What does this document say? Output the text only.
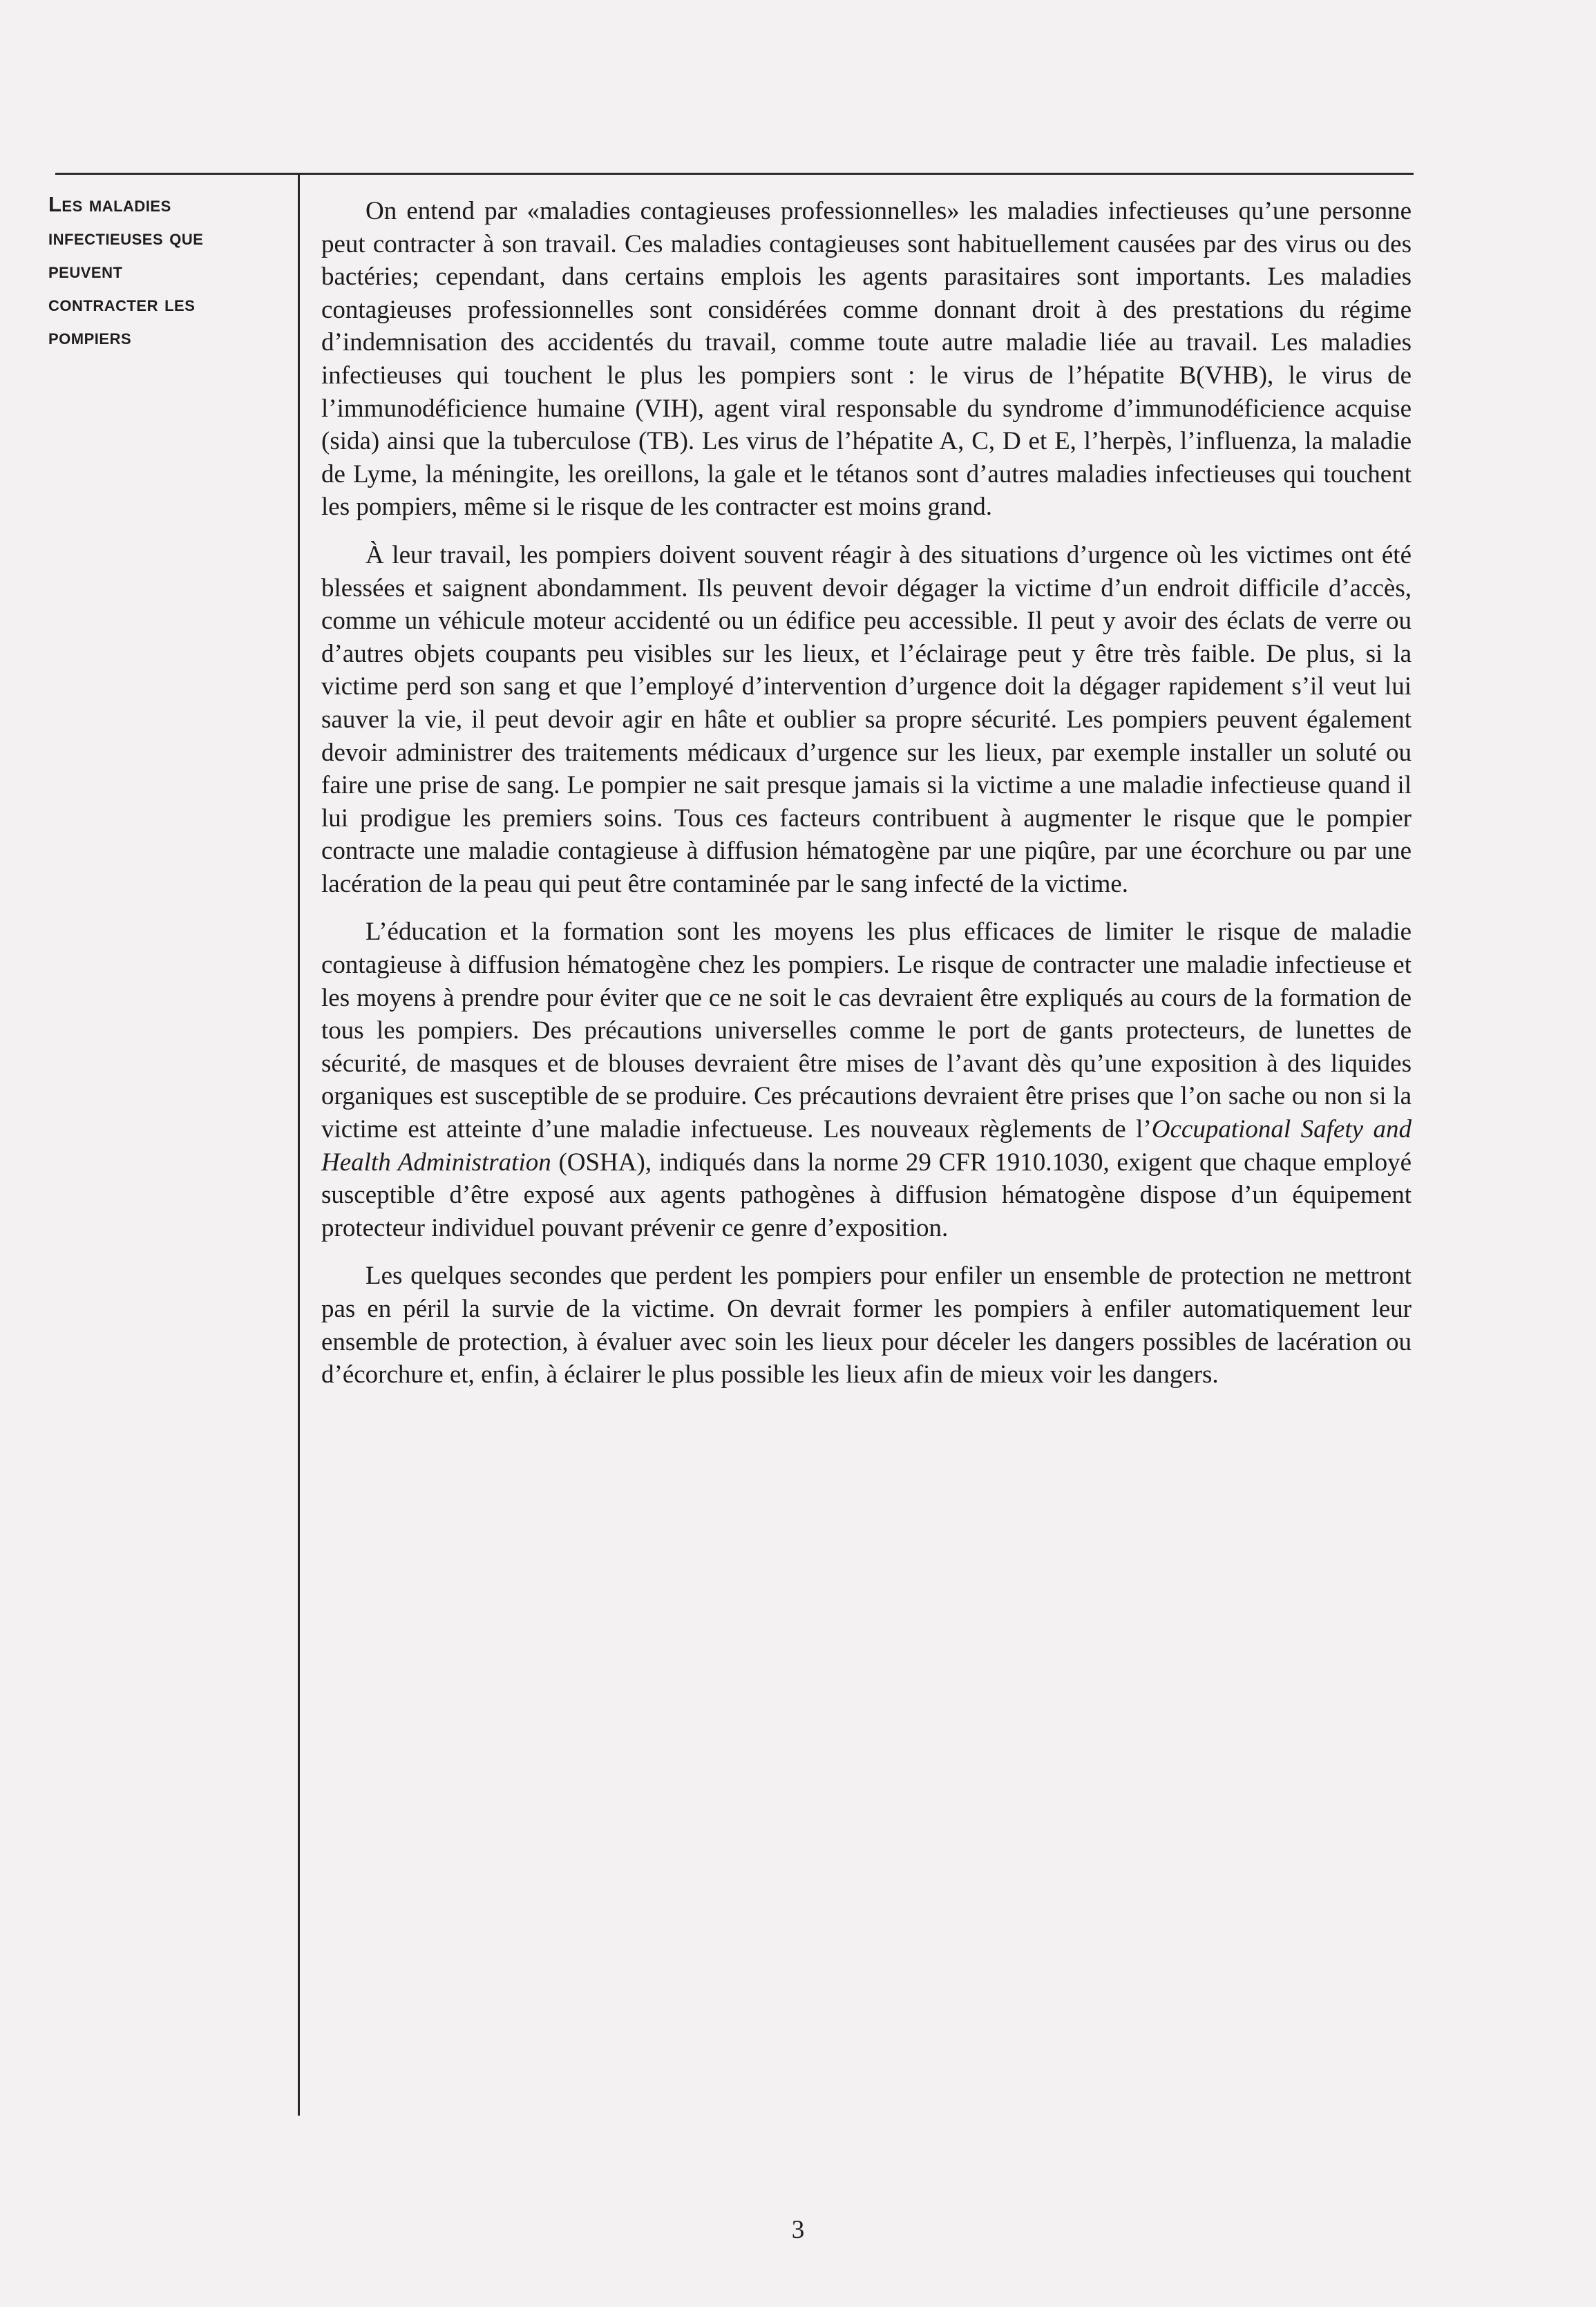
Les maladies
infectieuses que
peuvent
contracter les
pompiers

On entend par «maladies contagieuses professionnelles» les maladies infectieuses qu’une personne peut contracter à son travail. Ces maladies contagieuses sont habituellement causées par des virus ou des bactéries; cependant, dans certains emplois les agents parasitaires sont importants. Les maladies contagieuses professionnelles sont considérées comme donnant droit à des prestations du régime d’indemnisation des accidentés du travail, comme toute autre maladie liée au travail. Les maladies infectieuses qui touchent le plus les pompiers sont : le virus de l’hépatite B(VHB), le virus de l’immunodéficience humaine (VIH), agent viral responsable du syndrome d’immunodéficience acquise (sida) ainsi que la tuberculose (TB). Les virus de l’hépatite A, C, D et E, l’herpès, l’influenza, la maladie de Lyme, la méningite, les oreillons, la gale et le tétanos sont d’autres maladies infectieuses qui touchent les pompiers, même si le risque de les contracter est moins grand.

À leur travail, les pompiers doivent souvent réagir à des situations d’urgence où les victimes ont été blessées et saignent abondamment. Ils peuvent devoir dégager la victime d’un endroit difficile d’accès, comme un véhicule moteur accidenté ou un édifice peu accessible. Il peut y avoir des éclats de verre ou d’autres objets coupants peu visibles sur les lieux, et l’éclairage peut y être très faible. De plus, si la victime perd son sang et que l’employé d’intervention d’urgence doit la dégager rapidement s’il veut lui sauver la vie, il peut devoir agir en hâte et oublier sa propre sécurité. Les pompiers peuvent également devoir administrer des traitements médicaux d’urgence sur les lieux, par exemple installer un soluté ou faire une prise de sang. Le pompier ne sait presque jamais si la victime a une maladie infectieuse quand il lui prodigue les premiers soins. Tous ces facteurs contribuent à augmenter le risque que le pompier contracte une maladie contagieuse à diffusion hématogène par une piqûre, par une écorchure ou par une lacération de la peau qui peut être contaminée par le sang infecté de la victime.

L’éducation et la formation sont les moyens les plus efficaces de limiter le risque de maladie contagieuse à diffusion hématogène chez les pompiers. Le risque de contracter une maladie infectieuse et les moyens à prendre pour éviter que ce ne soit le cas devraient être expliqués au cours de la formation de tous les pompiers. Des précautions universelles comme le port de gants protecteurs, de lunettes de sécurité, de masques et de blouses devraient être mises de l’avant dès qu’une exposition à des liquides organiques est susceptible de se produire. Ces précautions devraient être prises que l’on sache ou non si la victime est atteinte d’une maladie infectueuse. Les nouveaux règlements de l’Occupational Safety and Health Administration (OSHA), indiqués dans la norme 29 CFR 1910.1030, exigent que chaque employé susceptible d’être exposé aux agents pathogènes à diffusion hématogène dispose d’un équipement protecteur individuel pouvant prévenir ce genre d’exposition.

Les quelques secondes que perdent les pompiers pour enfiler un ensemble de protection ne mettront pas en péril la survie de la victime. On devrait former les pompiers à enfiler automatiquement leur ensemble de protection, à évaluer avec soin les lieux pour déceler les dangers possibles de lacération ou d’écorchure et, enfin, à éclairer le plus possible les lieux afin de mieux voir les dangers.

3
